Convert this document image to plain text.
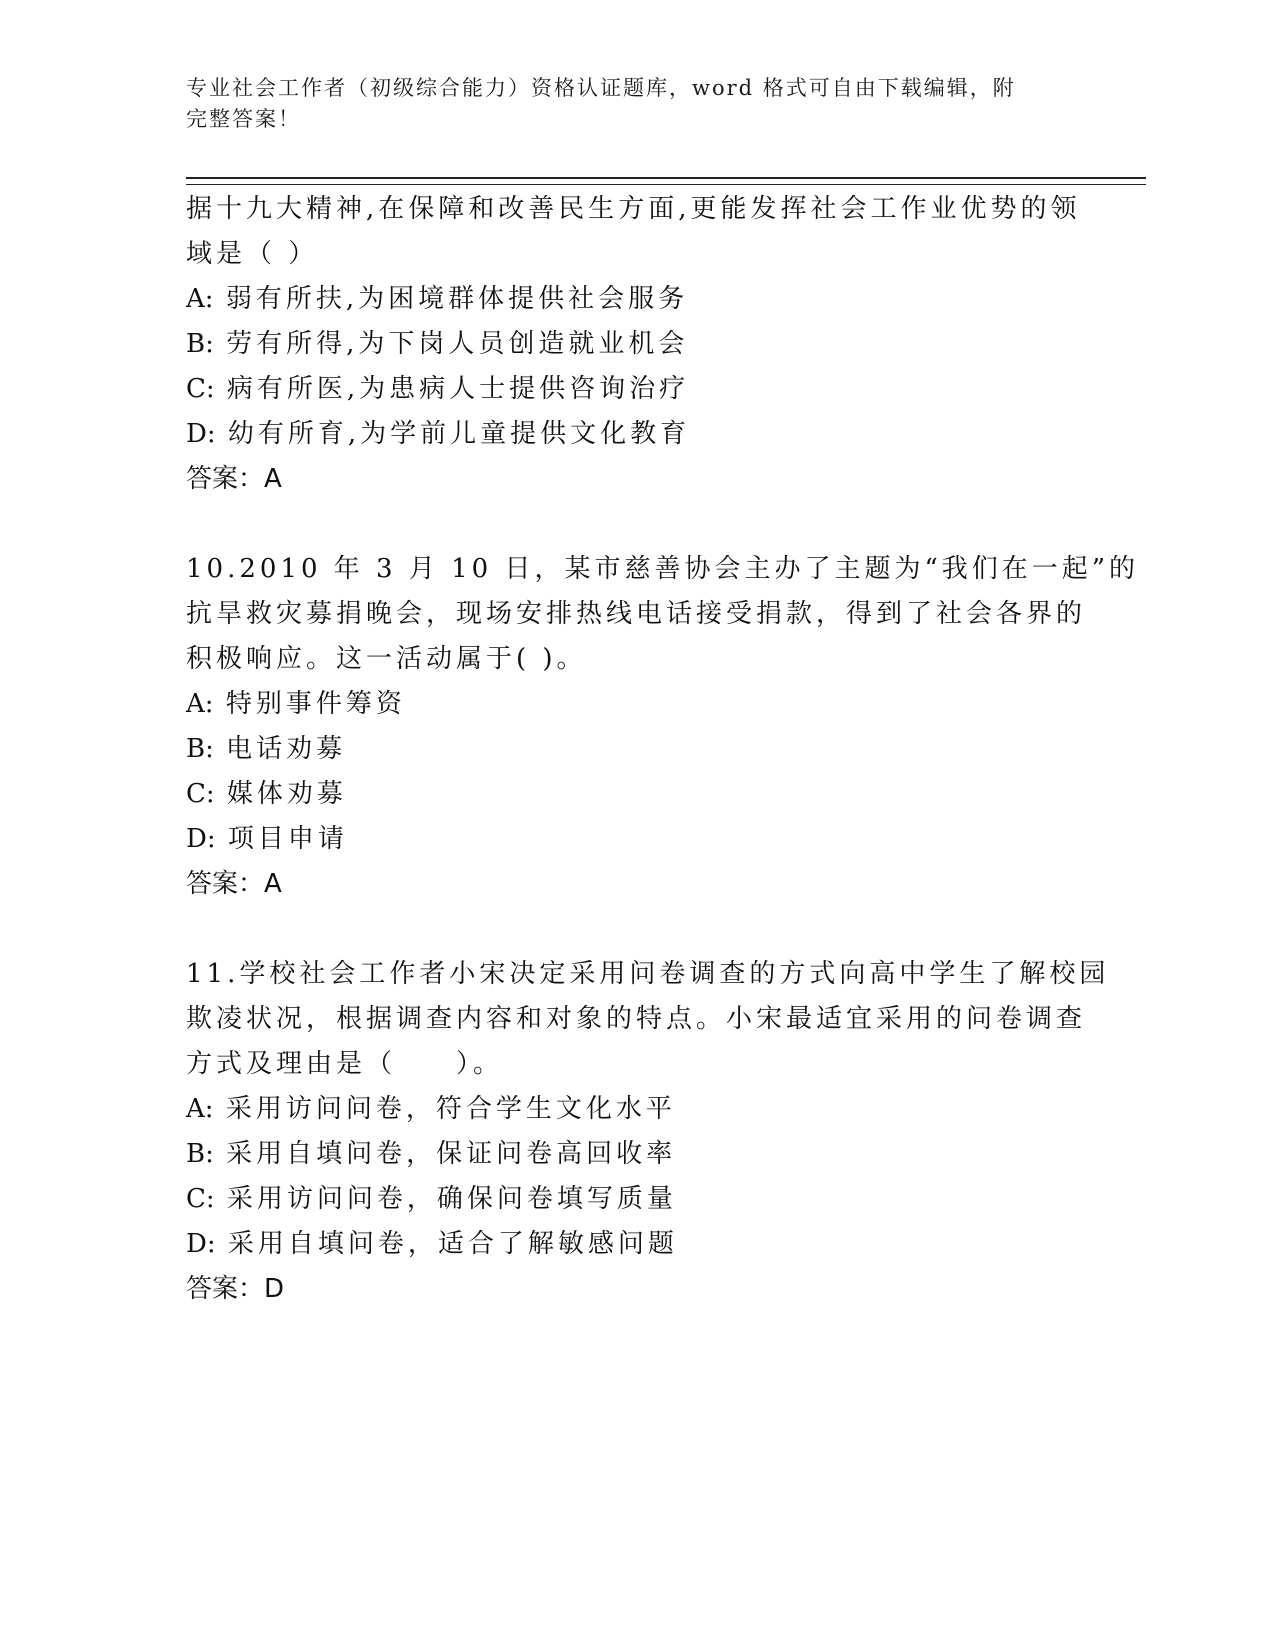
专业社会工作者（初级综合能力）资格认证题库，word 格式可自由下载编辑，附
完整答案！
据十九大精神,在保障和改善民生方面,更能发挥社会工作业优势的领
域是（ ）
A: 弱有所扶,为困境群体提供社会服务
B: 劳有所得,为下岗人员创造就业机会
C: 病有所医,为患病人士提供咨询治疗
D: 幼有所育,为学前儿童提供文化教育
答案：A
10.2010 年 3 月 10 日，某市慈善协会主办了主题为“我们在一起”的
抗旱救灾募捐晚会，现场安排热线电话接受捐款，得到了社会各界的
积极响应。这一活动属于( )。
A: 特别事件筹资
B: 电话劝募
C: 媒体劝募
D: 项目申请
答案：A
11.学校社会工作者小宋决定采用问卷调查的方式向高中学生了解校园
欺凌状况，根据调查内容和对象的特点。小宋最适宜采用的问卷调查
方式及理由是（　　）。
A: 采用访问问卷，符合学生文化水平
B: 采用自填问卷，保证问卷高回收率
C: 采用访问问卷，确保问卷填写质量
D: 采用自填问卷，适合了解敏感问题
答案：D
